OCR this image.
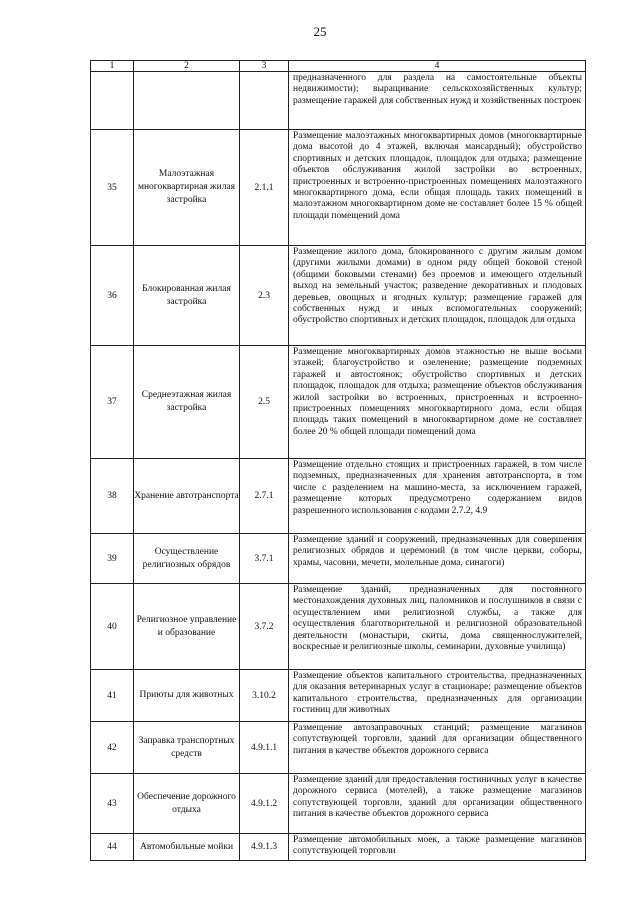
25
1	2	3	4
			предназначенного для раздела на самостоятельные объекты недвижимости); выращивание сельскохозяйственных культур; размещение гаражей для собственных нужд и хозяйственных построек
35	Малоэтажная многоквартирная жилая застройка	2.1.1	Размещение малоэтажных многоквартирных домов (многоквартирные дома высотой до 4 этажей, включая мансардный); обустройство спортивных и детских площадок, площадок для отдыха; размещение объектов обслуживания жилой застройки во встроенных, пристроенных и встроенно-пристроенных помещениях малоэтажного многоквартирного дома, если общая площадь таких помещений в малоэтажном многоквартирном доме не составляет более 15 % общей площади помещений дома
36	Блокированная жилая застройка	2.3	Размещение жилого дома, блокированного с другим жилым домом (другими жилыми домами) в одном ряду общей боковой стеной (общими боковыми стенами) без проемов и имеющего отдельный выход на земельный участок; разведение декоративных и плодовых деревьев, овощных и ягодных культур; размещение гаражей для собственных нужд и иных вспомогательных сооружений; обустройство спортивных и детских площадок, площадок для отдыха
37	Среднеэтажная жилая застройка	2.5	Размещение многоквартирных домов этажностью не выше восьми этажей; благоустройство и озеленение; размещение подземных гаражей и автостоянок; обустройство спортивных и детских площадок, площадок для отдыха; размещение объектов обслуживания жилой застройки во встроенных, пристроенных и встроенно-пристроенных помещениях многоквартирного дома, если общая площадь таких помещений в многоквартирном доме не составляет более 20 % общей площади помещений дома
38	Хранение автотранспорта	2.7.1	Размещение отдельно стоящих и пристроенных гаражей, в том числе подземных, предназначенных для хранения автотранспорта, в том числе с разделением на машино-места, за исключением гаражей, размещение которых предусмотрено содержанием видов разрешенного использования с кодами 2.7.2, 4.9
39	Осуществление религиозных обрядов	3.7.1	Размещение зданий и сооружений, предназначенных для совершения религиозных обрядов и церемоний (в том числе церкви, соборы, храмы, часовни, мечети, молельные дома, синагоги)
40	Религиозное управление и образование	3.7.2	Размещение зданий, предназначенных для постоянного местонахождения духовных лиц, паломников и послушников в связи с осуществлением ими религиозной службы, а также для осуществления благотворительной и религиозной образовательной деятельности (монастыри, скиты, дома священнослужителей, воскресные и религиозные школы, семинарии, духовные училища)
41	Приюты для животных	3.10.2	Размещение объектов капитального строительства, предназначенных для оказания ветеринарных услуг в стационаре; размещение объектов капитального строительства, предназначенных для организации гостиниц для животных
42	Заправка транспортных средств	4.9.1.1	Размещение автозаправочных станций; размещение магазинов сопутствующей торговли, зданий для организации общественного питания в качестве объектов дорожного сервиса
43	Обеспечение дорожного отдыха	4.9.1.2	Размещение зданий для предоставления гостиничных услуг в качестве дорожного сервиса (мотелей), а также размещение магазинов сопутствующей торговли, зданий для организации общественного питания в качестве объектов дорожного сервиса
44	Автомобильные мойки	4.9.1.3	Размещение автомобильных моек, а также размещение магазинов сопутствующей торговли
